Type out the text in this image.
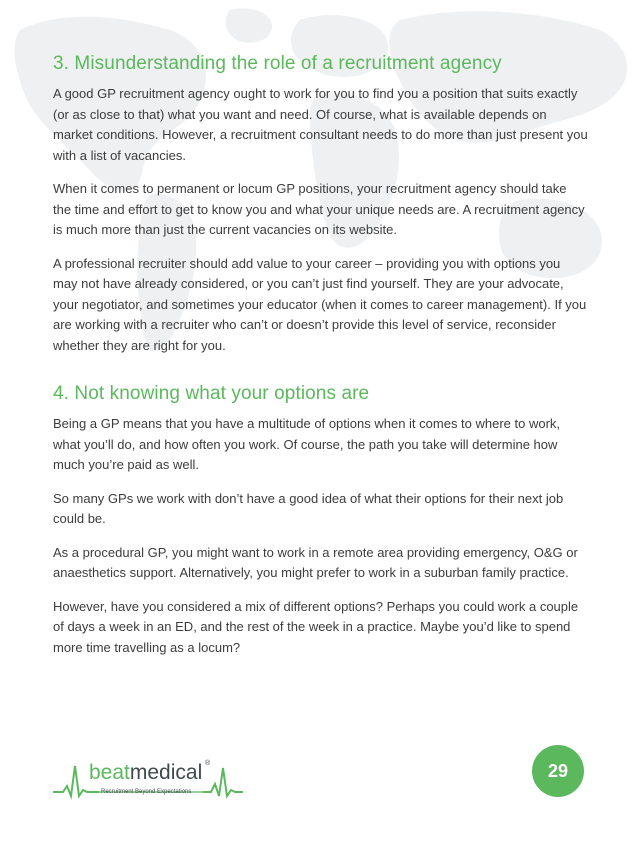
3. Misunderstanding the role of a recruitment agency

A good GP recruitment agency ought to work for you to find you a position that suits exactly (or as close to that) what you want and need. Of course, what is available depends on market conditions. However, a recruitment consultant needs to do more than just present you with a list of vacancies.

When it comes to permanent or locum GP positions, your recruitment agency should take the time and effort to get to know you and what your unique needs are. A recruitment agency is much more than just the current vacancies on its website.

A professional recruiter should add value to your career – providing you with options you may not have already considered, or you can’t just find yourself. They are your advocate, your negotiator, and sometimes your educator (when it comes to career management). If you are working with a recruiter who can’t or doesn’t provide this level of service, reconsider whether they are right for you.

4. Not knowing what your options are

Being a GP means that you have a multitude of options when it comes to where to work, what you’ll do, and how often you work. Of course, the path you take will determine how much you’re paid as well.

So many GPs we work with don’t have a good idea of what their options for their next job could be.

As a procedural GP, you might want to work in a remote area providing emergency, O&G or anaesthetics support. Alternatively, you might prefer to work in a suburban family practice.

However, have you considered a mix of different options? Perhaps you could work a couple of days a week in an ED, and the rest of the week in a practice. Maybe you’d like to spend more time travelling as a locum?

beatmedical ®
Recruitment Beyond Expectations
29
